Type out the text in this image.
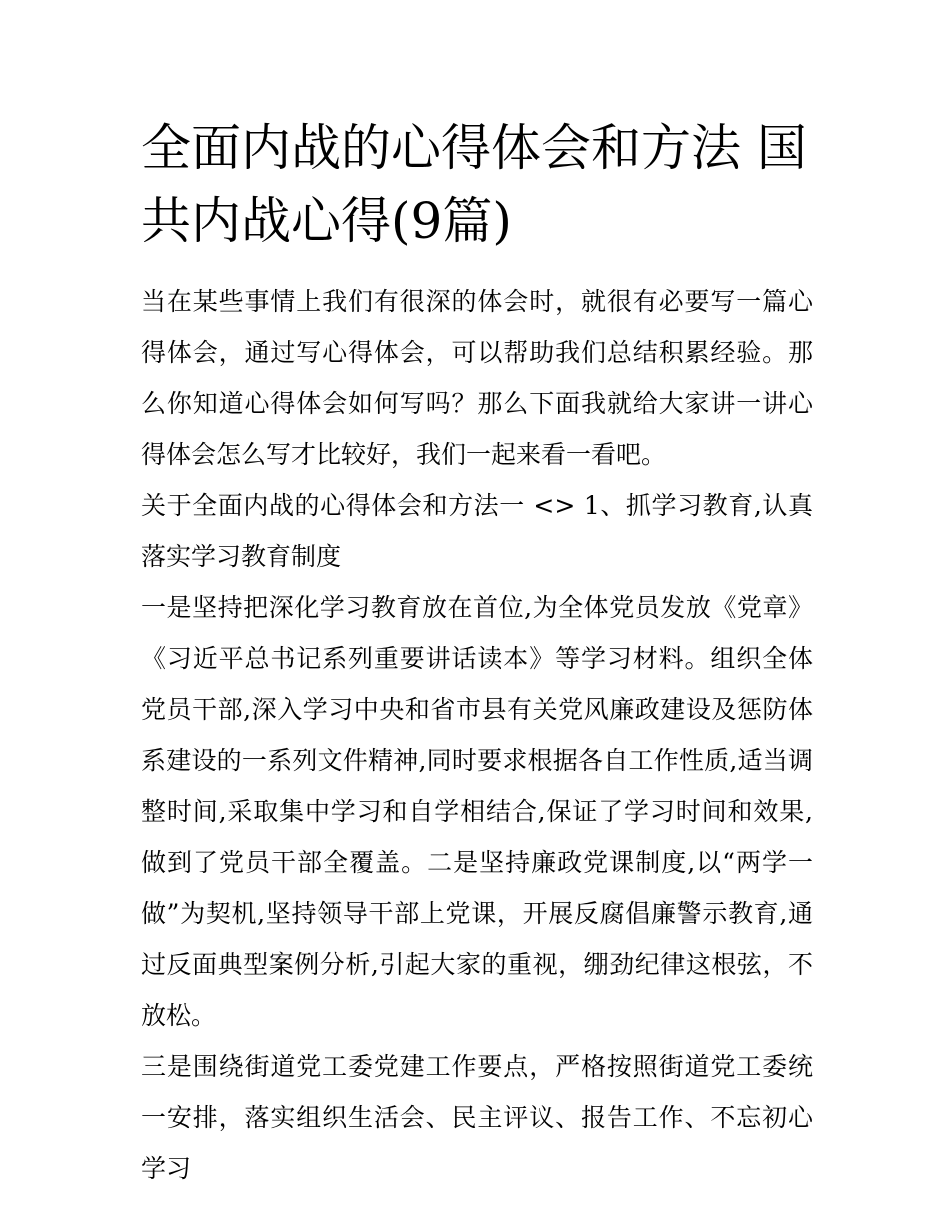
全面内战的心得体会和方法 国共内战心得(9篇)

当在某些事情上我们有很深的体会时，就很有必要写一篇心得体会，通过写心得体会，可以帮助我们总结积累经验。那么你知道心得体会如何写吗？那么下面我就给大家讲一讲心得体会怎么写才比较好，我们一起来看一看吧。

关于全面内战的心得体会和方法一 <> 1、抓学习教育,认真落实学习教育制度

一是坚持把深化学习教育放在首位,为全体党员发放《党章》《习近平总书记系列重要讲话读本》等学习材料。组织全体党员干部,深入学习中央和省市县有关党风廉政建设及惩防体系建设的一系列文件精神,同时要求根据各自工作性质,适当调整时间,采取集中学习和自学相结合,保证了学习时间和效果,做到了党员干部全覆盖。二是坚持廉政党课制度,以“两学一做”为契机,坚持领导干部上党课，开展反腐倡廉警示教育,通过反面典型案例分析,引起大家的重视，绷劲纪律这根弦，不放松。

三是围绕街道党工委党建工作要点，严格按照街道党工委统一安排，落实组织生活会、民主评议、报告工作、不忘初心学习
